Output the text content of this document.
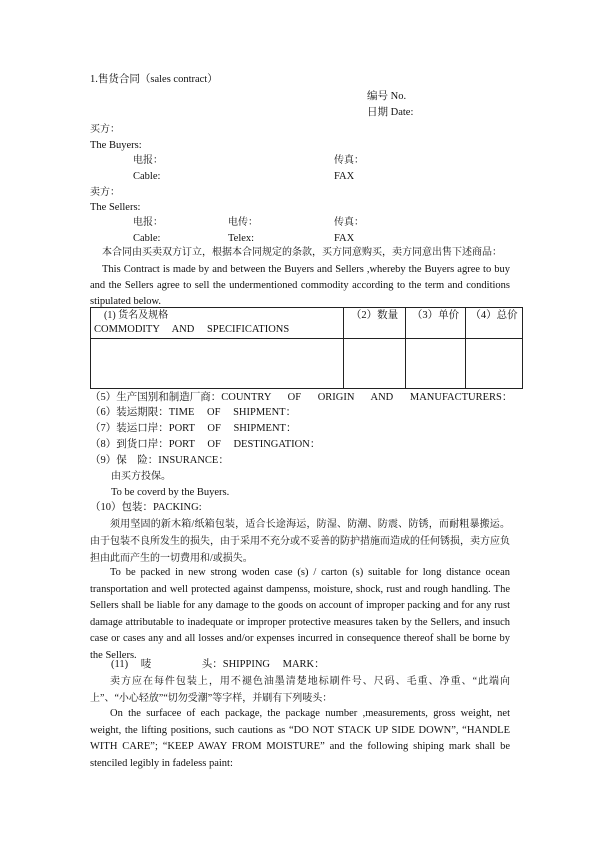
1.售货合同（sales contract）
编号 No.
日期 Date:
买方：
The Buyers:
电报：	传真：
Cable:	FAX
卖方：
The Sellers:
电报：	电传：	传真：
Cable:	Telex:	FAX
本合同由买卖双方订立，根据本合同规定的条款，买方同意购买，卖方同意出售下述商品：
This Contract is made by and between the Buyers and Sellers ,whereby the Buyers agree to buy and the Sellers agree to sell the undermentioned commodity according to the term and conditions stipulated below.
(1) 货名及规格
COMMODITY AND SPECIFICATIONS	（2）数量	（3）单价	（4）总价

（5）生产国别和制造厂商：COUNTRY OF ORIGIN AND MANUFACTURERS：
（6）装运期限：TIME OF SHIPMENT：
（7）装运口岸：PORT OF SHIPMENT：
（8）到货口岸：PORT OF DESTINGATION：
（9）保    险：INSURANCE：
由买方投保。
To be coverd by the Buyers.
（10）包装：PACKING:
须用坚固的新木箱/纸箱包装，适合长途海运，防湿、防潮、防震、防锈，而耐粗暴搬运。由于包装不良所发生的损失，由于采用不充分或不妥善的防护措施而造成的任何锈损，卖方应负担由此而产生的一切费用和/或损失。
To be packed in new strong woden case (s) / carton (s) suitable for long distance ocean transportation and well protected against dampenss, moisture, shock, rust and rough handling. The Sellers shall be liable for any damage to the goods on account of improper packing and for any rust damage attributable to inadequate or improper protective measures taken by the Sellers, and insuch case or cases any and all losses and/or expenses incurred in consequence thereof shall be borne by the Sellers.
(11) 唛    头：SHIPPING MARK：
卖方应在每件包装上，用不褪色油墨清楚地标刷件号、尺码、毛重、净重、“此端向上”、“小心轻放”“切勿受潮”等字样，并刷有下列唛头：
On the surfacee of each package, the package number ,measurements, gross weight, net weight, the lifting positions, such cautions as “DO NOT STACK UP SIDE DOWN”, “HANDLE WITH CARE”; “KEEP AWAY FROM MOISTURE” and the following shiping mark shall be stenciled legibly in fadeless paint:
